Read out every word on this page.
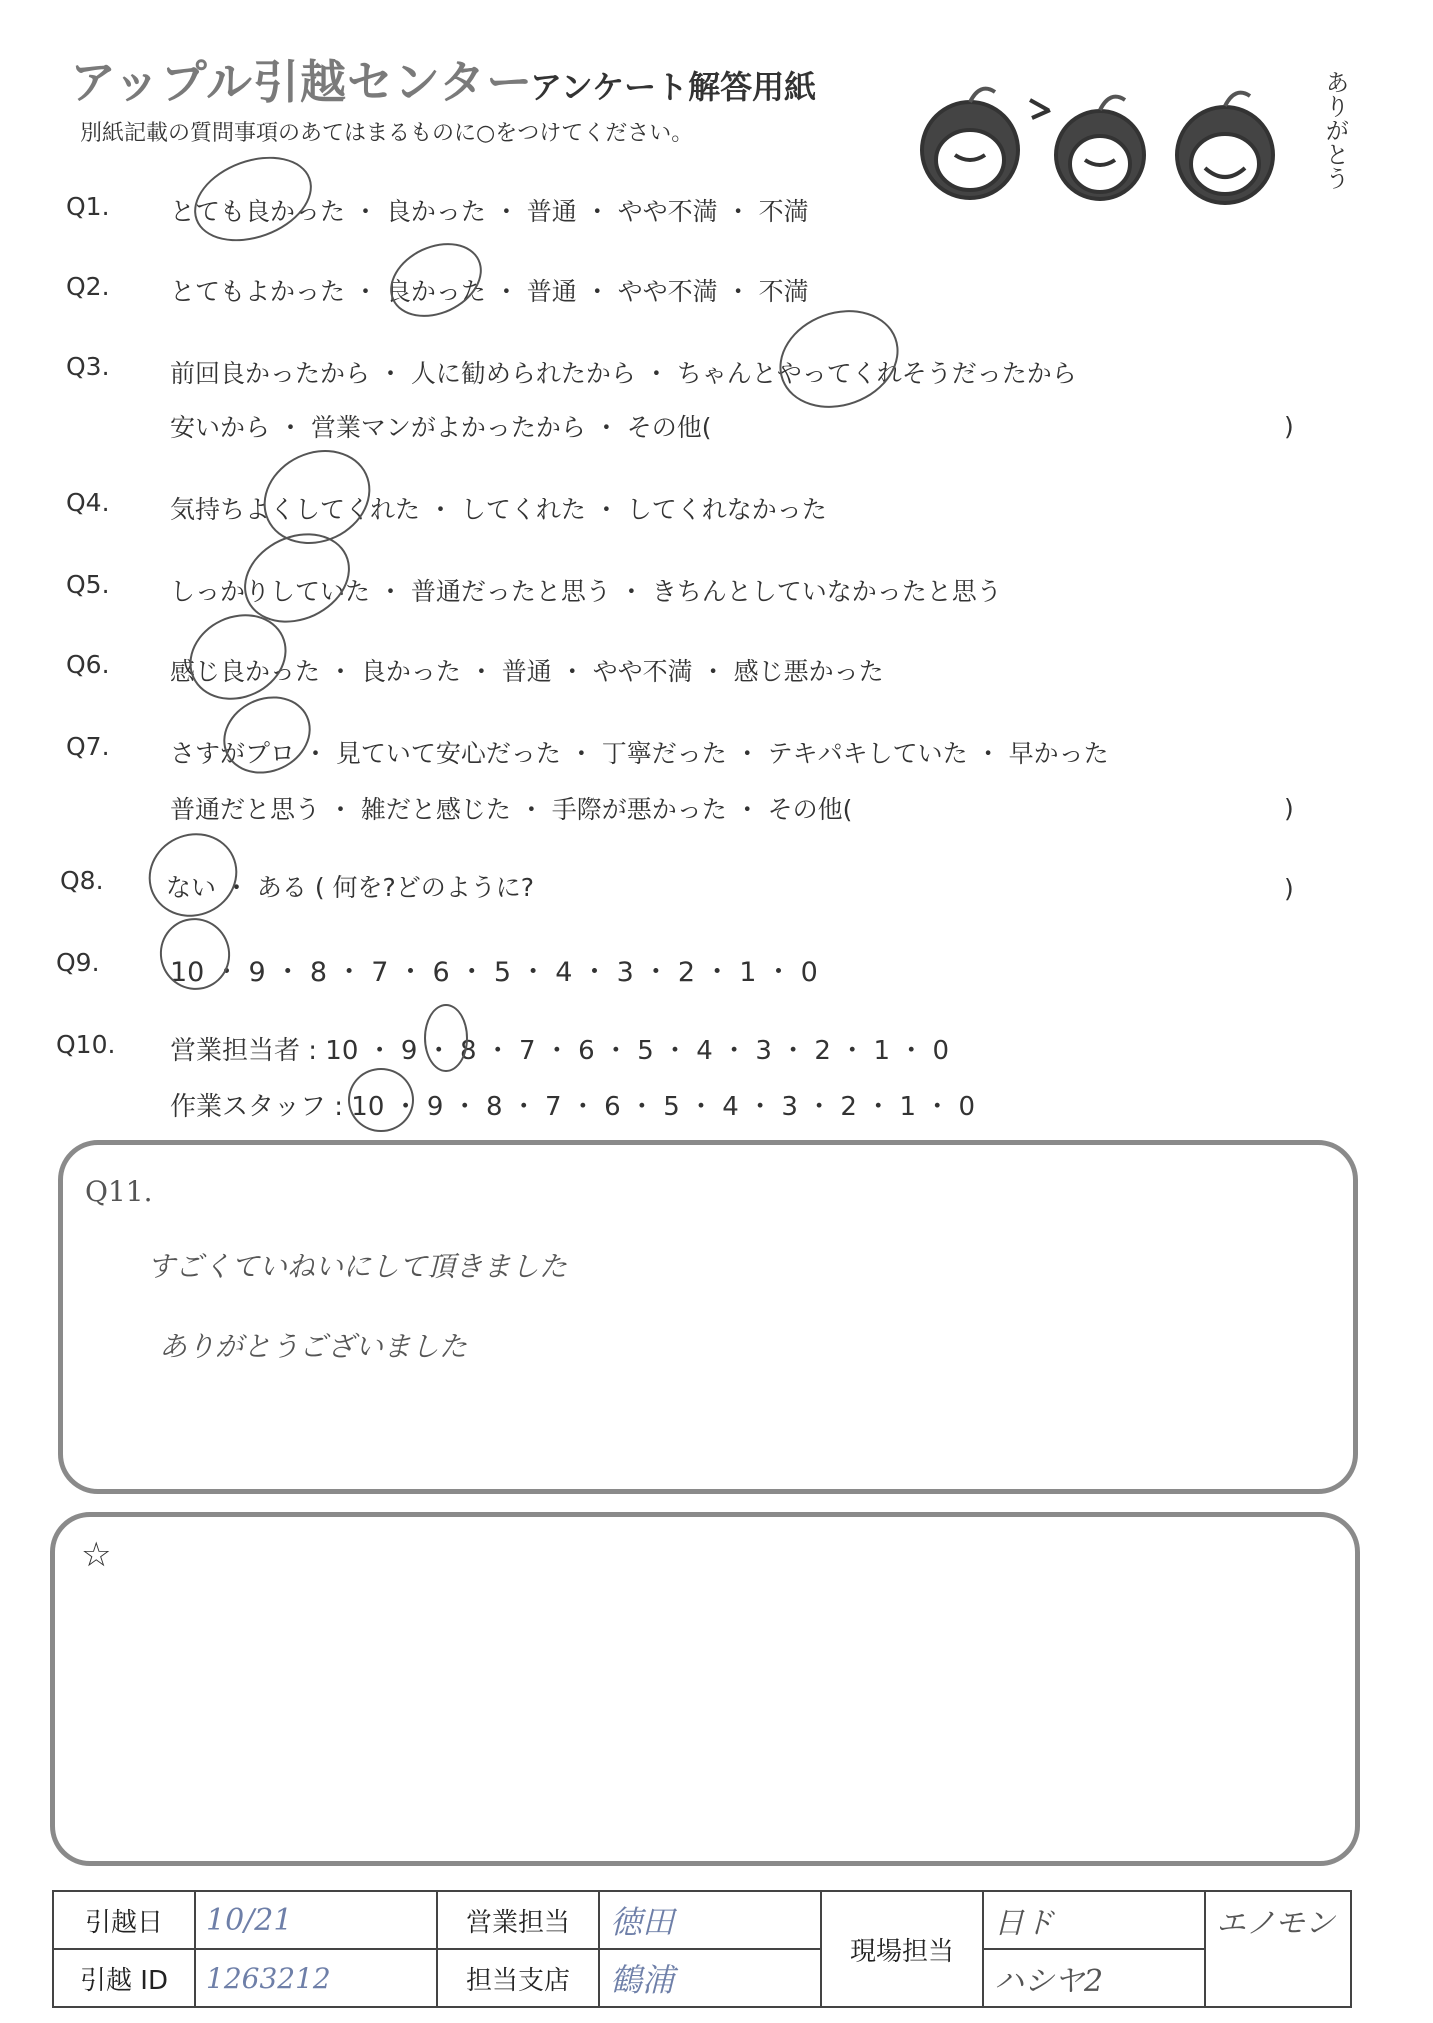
アップル引越センター
アンケート解答用紙
別紙記載の質問事項のあてはまるものに○をつけてください。	ありがとう
Q1. とても良かった ・ 良かった ・ 普通 ・ やや不満 ・ 不満
Q2. とてもよかった ・ 良かった ・ 普通 ・ やや不満 ・ 不満
Q3. 前回良かったから ・ 人に勧められたから ・ ちゃんとやってくれそうだったから
安いから ・ 営業マンがよかったから ・ その他(	)
Q4. 気持ちよくしてくれた ・ してくれた ・ してくれなかった
Q5. しっかりしていた ・ 普通だったと思う ・ きちんとしていなかったと思う
Q6. 感じ良かった ・ 良かった ・ 普通 ・ やや不満 ・ 感じ悪かった
Q7. さすがプロ ・ 見ていて安心だった ・ 丁寧だった ・ テキパキしていた ・ 早かった
普通だと思う ・ 雑だと感じた ・ 手際が悪かった ・ その他(	)
Q8. ない ・ ある ( 何を?どのように?	)
Q9.	10 ・ 9 ・ 8 ・ 7 ・ 6 ・ 5 ・ 4 ・ 3 ・ 2 ・ 1 ・ 0
Q10. 営業担当者 : 10 ・ 9 ・ 8 ・ 7 ・ 6 ・ 5 ・ 4 ・ 3 ・ 2 ・ 1 ・ 0
作業スタッフ : 10 ・ 9 ・ 8 ・ 7 ・ 6 ・ 5 ・ 4 ・ 3 ・ 2 ・ 1 ・ 0
Q11.
すごくていねいにして頂きました
ありがとうございました
☆
引越日	10/21	営業担当	徳田	現場担当	日ド	エノモン
引越 ID	1263212	担当支店	鶴浦		ハシヤ2	
